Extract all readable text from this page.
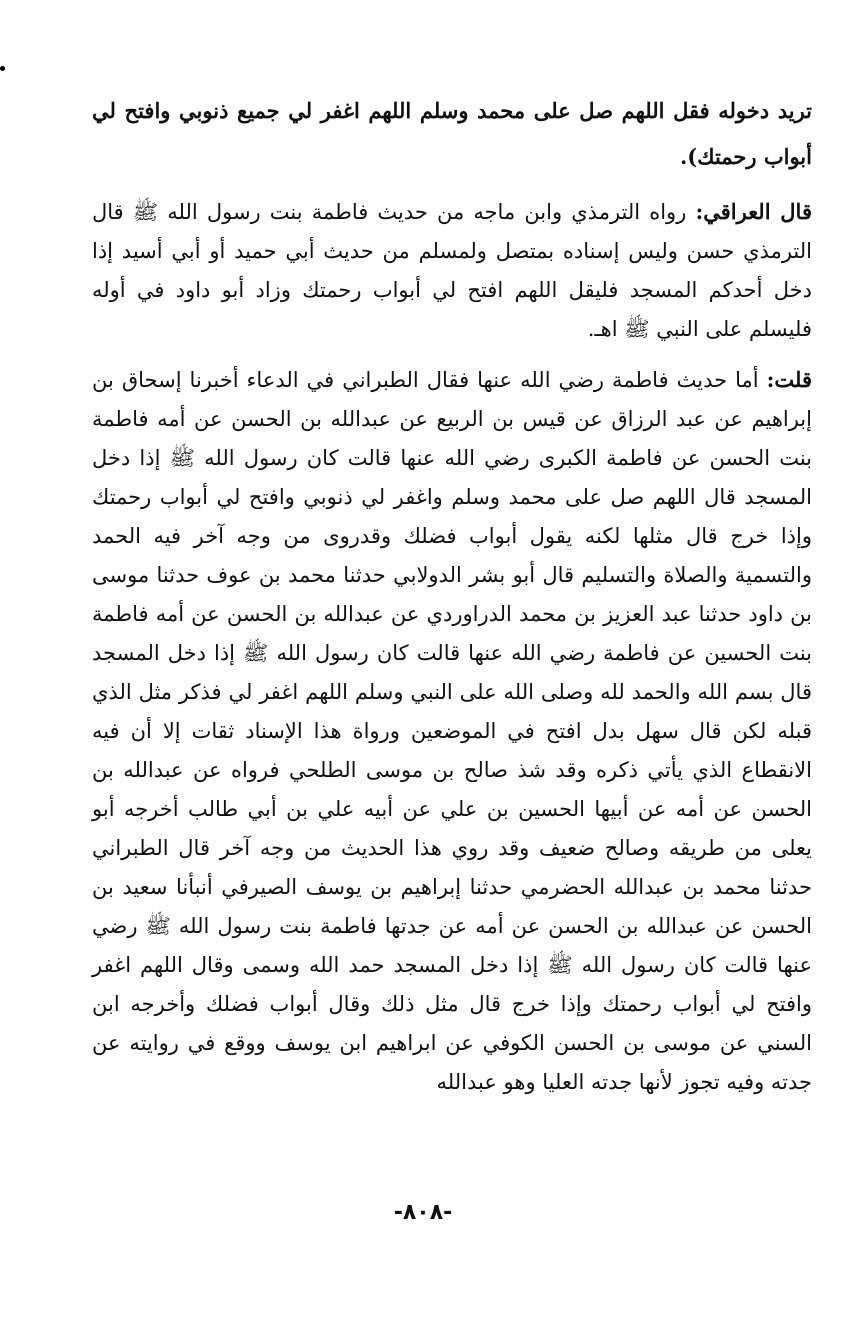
تريد دخوله فقل اللهم صل على محمد وسلم اللهم اغفر لي جميع ذنوبي وافتح لي أبواب رحمتك).

قال العراقي: رواه الترمذي وابن ماجه من حديث فاطمة بنت رسول الله ﷺ قال الترمذي حسن وليس إسناده بمتصل ولمسلم من حديث أبي حميد أو أبي أسيد إذا دخل أحدكم المسجد فليقل اللهم افتح لي أبواب رحمتك وزاد أبو داود في أوله فليسلم على النبي ﷺ اهـ.

قلت: أما حديث فاطمة رضي الله عنها فقال الطبراني في الدعاء أخبرنا إسحاق بن إبراهيم عن عبد الرزاق عن قيس بن الربيع عن عبدالله بن الحسن عن أمه فاطمة بنت الحسن عن فاطمة الكبرى رضي الله عنها قالت كان رسول الله ﷺ إذا دخل المسجد قال اللهم صل على محمد وسلم واغفر لي ذنوبي وافتح لي أبواب رحمتك وإذا خرج قال مثلها لكنه يقول أبواب فضلك وقدروى من وجه آخر فيه الحمد والتسمية والصلاة والتسليم قال أبو بشر الدولابي حدثنا محمد بن عوف حدثنا موسى بن داود حدثنا عبد العزيز بن محمد الدراوردي عن عبدالله بن الحسن عن أمه فاطمة بنت الحسين عن فاطمة رضي الله عنها قالت كان رسول الله ﷺ إذا دخل المسجد قال بسم الله والحمد لله وصلى الله على النبي وسلم اللهم اغفر لي فذكر مثل الذي قبله لكن قال سهل بدل افتح في الموضعين ورواة هذا الإسناد ثقات إلا أن فيه الانقطاع الذي يأتي ذكره وقد شذ صالح بن موسى الطلحي فرواه عن عبدالله بن الحسن عن أمه عن أبيها الحسين بن علي عن أبيه علي بن أبي طالب أخرجه أبو يعلى من طريقه وصالح ضعيف وقد روي هذا الحديث من وجه آخر قال الطبراني حدثنا محمد بن عبدالله الحضرمي حدثنا إبراهيم بن يوسف الصيرفي أنبأنا سعيد بن الحسن عن عبدالله بن الحسن عن أمه عن جدتها فاطمة بنت رسول الله ﷺ رضي عنها قالت كان رسول الله ﷺ إذا دخل المسجد حمد الله وسمى وقال اللهم اغفر وافتح لي أبواب رحمتك وإذا خرج قال مثل ذلك وقال أبواب فضلك وأخرجه ابن السني عن موسى بن الحسن الكوفي عن ابراهيم ابن يوسف ووقع في روايته عن جدته وفيه تجوز لأنها جدته العليا وهو عبدالله

-٨٠٨-
